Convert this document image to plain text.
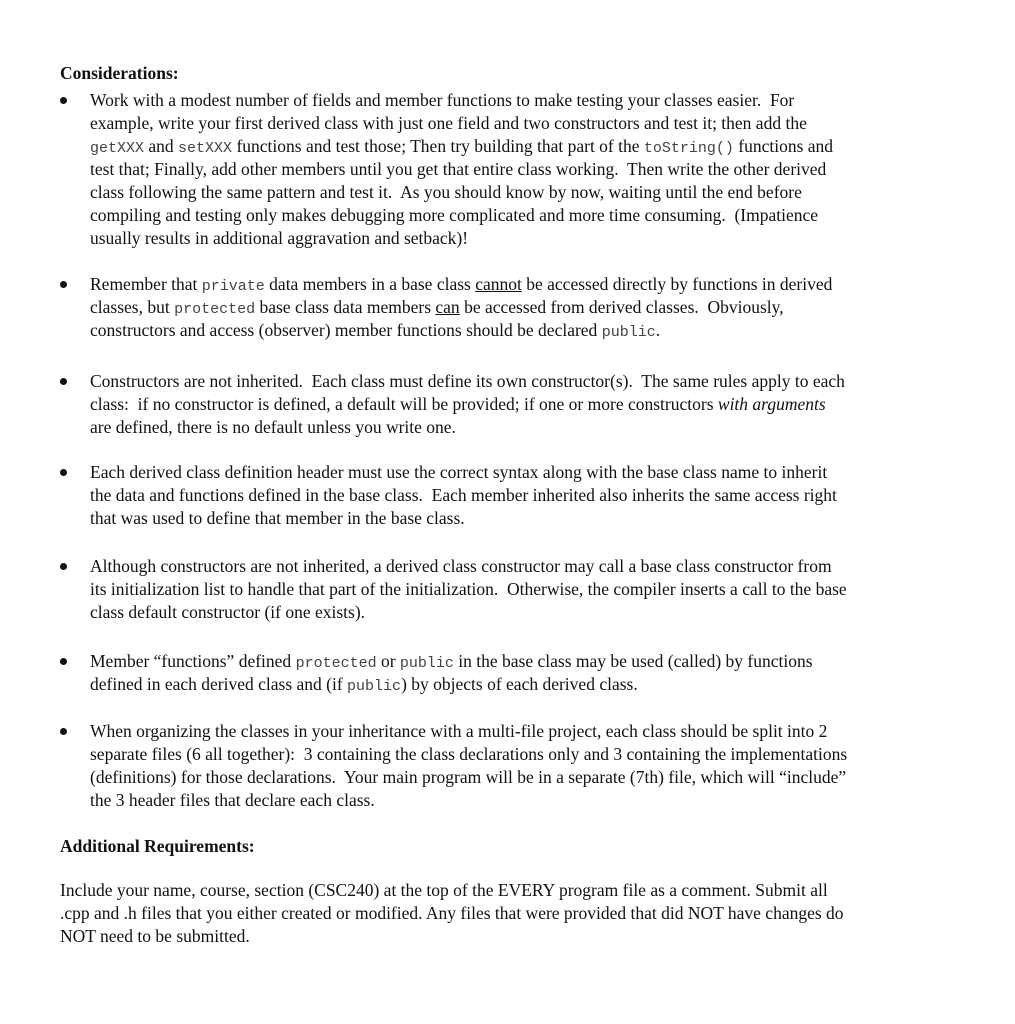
Considerations:
Work with a modest number of fields and member functions to make testing your classes easier.  For
example, write your first derived class with just one field and two constructors and test it; then add the
getXXX and setXXX functions and test those; Then try building that part of the toString() functions and
test that; Finally, add other members until you get that entire class working.  Then write the other derived
class following the same pattern and test it.  As you should know by now, waiting until the end before
compiling and testing only makes debugging more complicated and more time consuming.  (Impatience
usually results in additional aggravation and setback)!
Remember that private data members in a base class cannot be accessed directly by functions in derived
classes, but protected base class data members can be accessed from derived classes.  Obviously,
constructors and access (observer) member functions should be declared public.
Constructors are not inherited.  Each class must define its own constructor(s).  The same rules apply to each
class:  if no constructor is defined, a default will be provided; if one or more constructors with arguments
are defined, there is no default unless you write one.
Each derived class definition header must use the correct syntax along with the base class name to inherit
the data and functions defined in the base class.  Each member inherited also inherits the same access right
that was used to define that member in the base class.
Although constructors are not inherited, a derived class constructor may call a base class constructor from
its initialization list to handle that part of the initialization.  Otherwise, the compiler inserts a call to the base
class default constructor (if one exists).
Member “functions” defined protected or public in the base class may be used (called) by functions
defined in each derived class and (if public) by objects of each derived class.
When organizing the classes in your inheritance with a multi-file project, each class should be split into 2
separate files (6 all together):  3 containing the class declarations only and 3 containing the implementations
(definitions) for those declarations.  Your main program will be in a separate (7th) file, which will “include”
the 3 header files that declare each class.
Additional Requirements:
Include your name, course, section (CSC240) at the top of the EVERY program file as a comment. Submit all
.cpp and .h files that you either created or modified. Any files that were provided that did NOT have changes do
NOT need to be submitted.
